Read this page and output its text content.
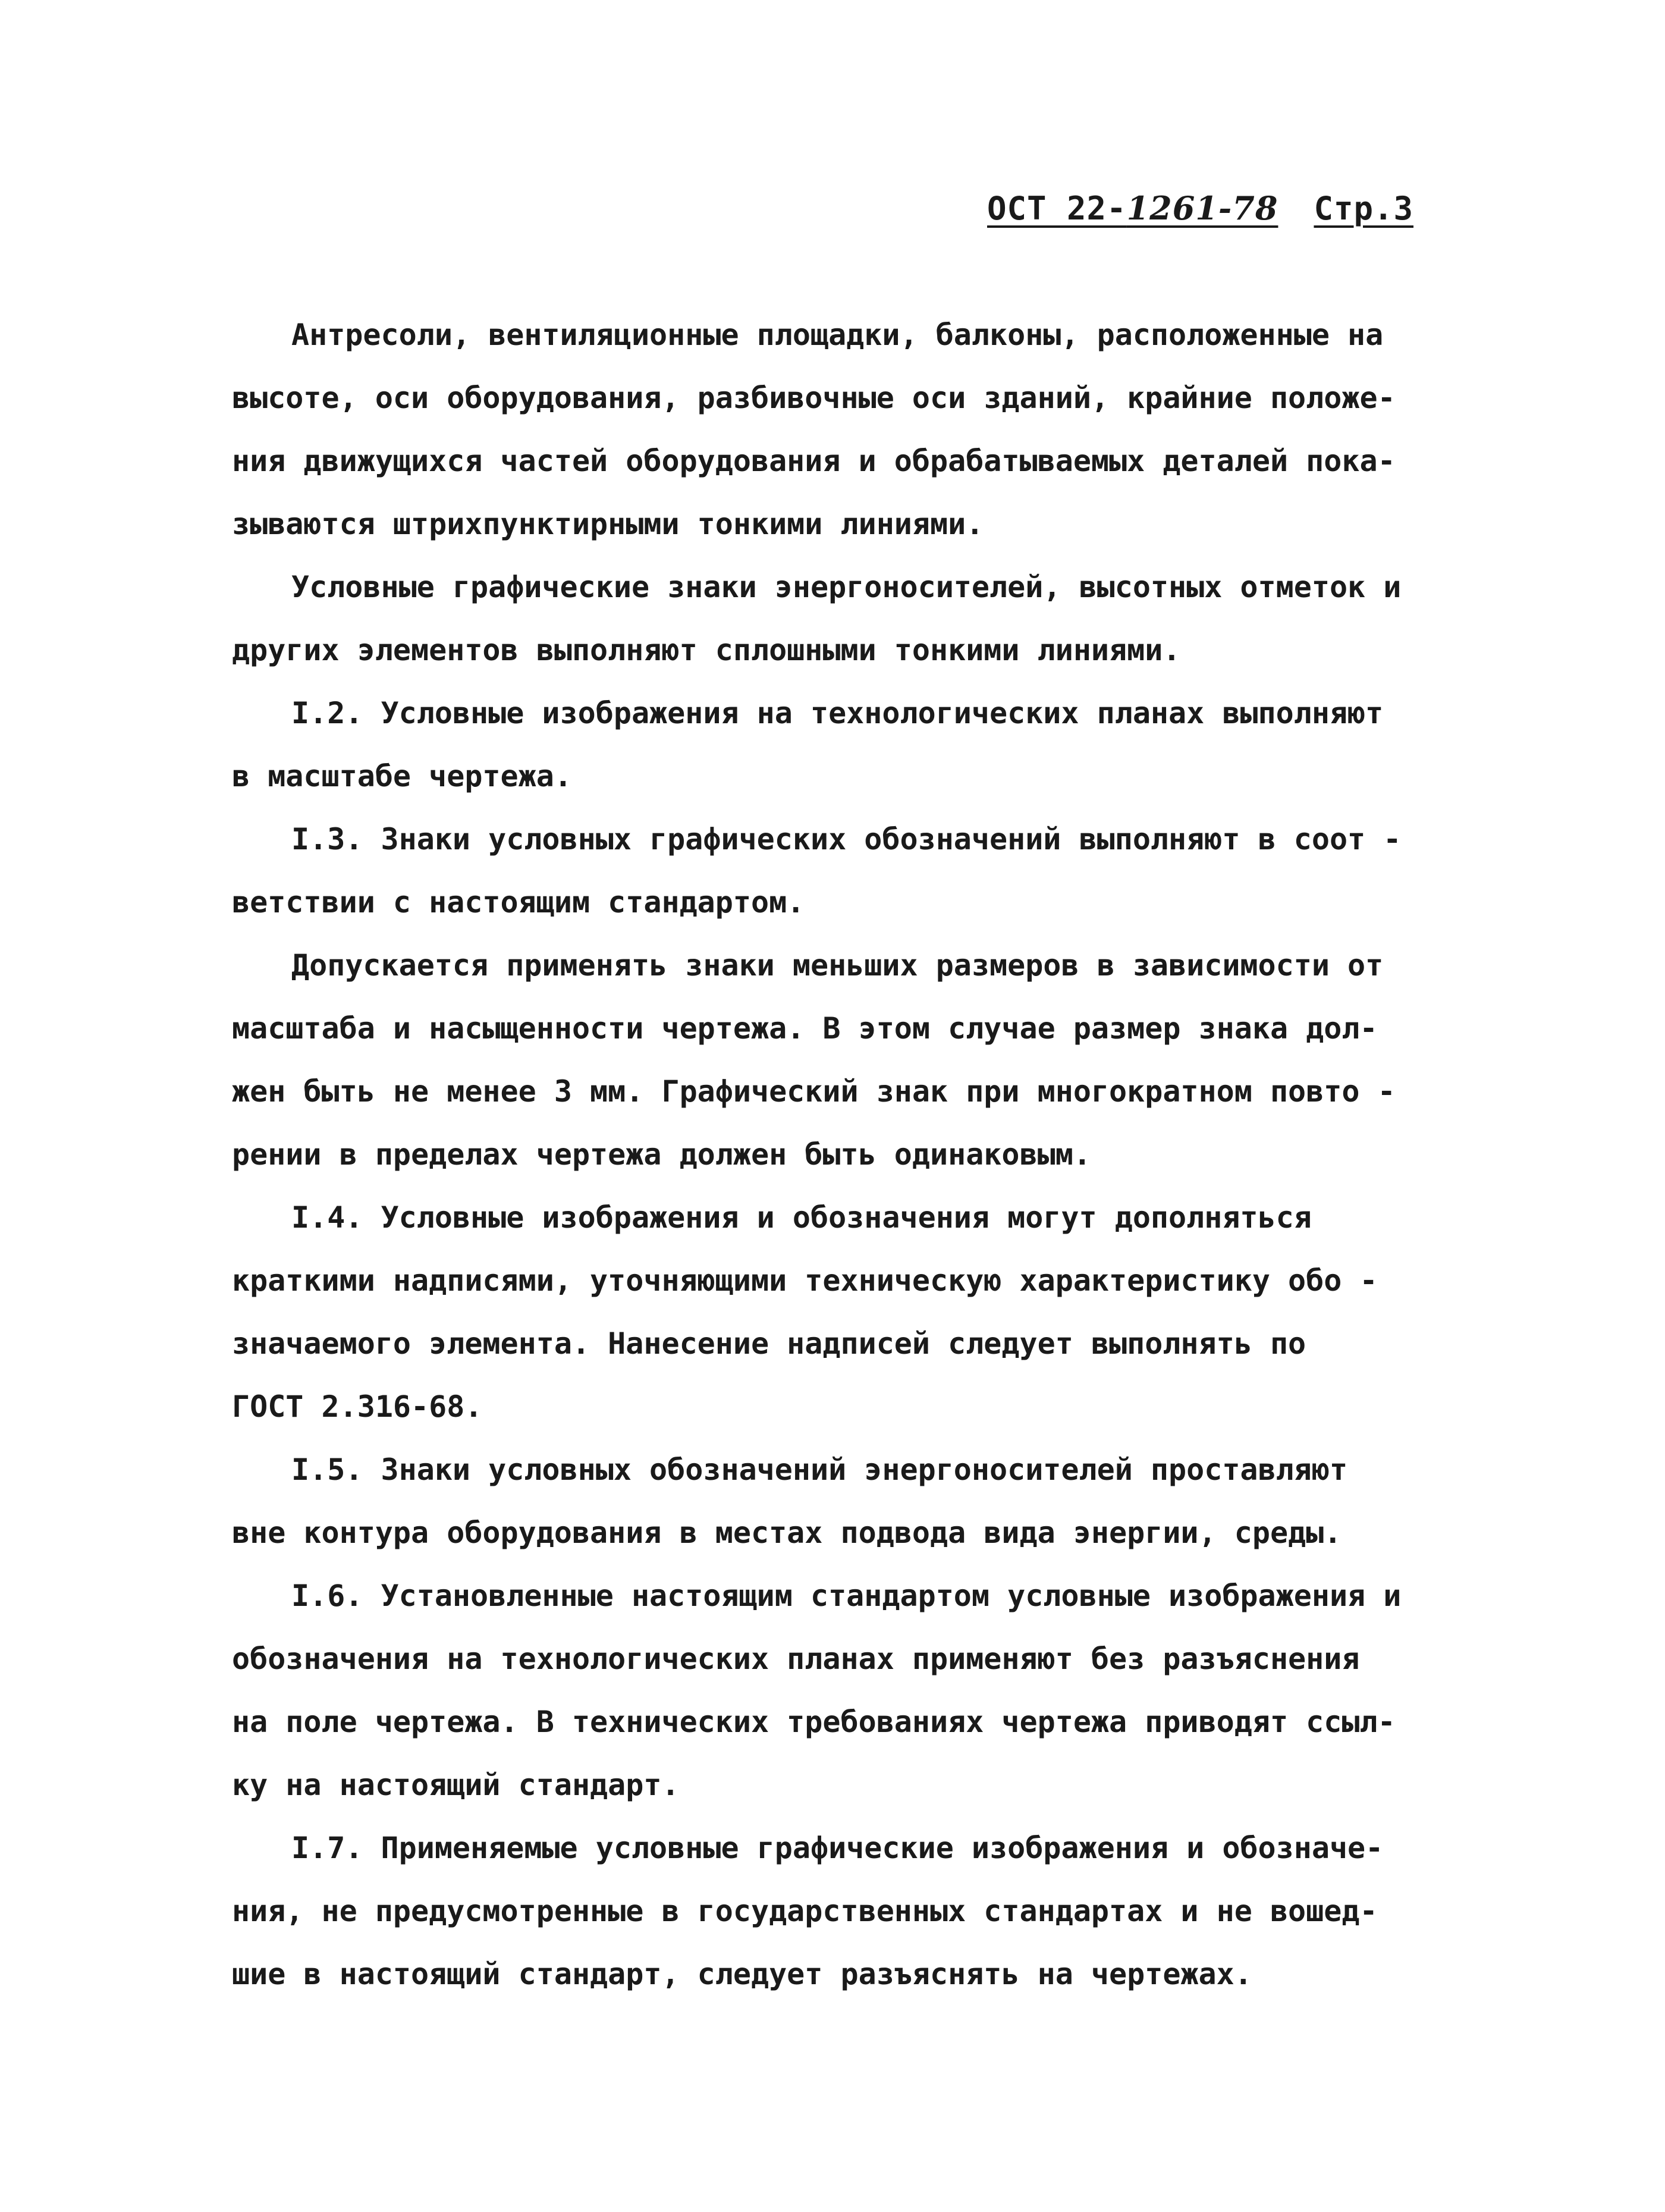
ОСТ 22-1261-78 Стр.3
Антресоли, вентиляционные площадки, балконы, расположенные на
высоте, оси оборудования, разбивочные оси зданий, крайние положе-
ния движущихся частей оборудования и обрабатываемых деталей пока-
зываются штрихпунктирными тонкими линиями.
Условные графические знаки энергоносителей, высотных отметок и
других элементов выполняют сплошными тонкими линиями.
I.2. Условные изображения на технологических планах выполняют
в масштабе чертежа.
I.3. Знаки условных графических обозначений выполняют в соот -
ветствии с настоящим стандартом.
Допускается применять знаки меньших размеров в зависимости от
масштаба и насыщенности чертежа. В этом случае размер знака дол-
жен быть не менее 3 мм. Графический знак при многократном повто -
рении в пределах чертежа должен быть одинаковым.
I.4. Условные изображения и обозначения могут дополняться
краткими надписями, уточняющими техническую характеристику обо -
значаемого элемента. Нанесение надписей следует выполнять по
ГОСТ 2.316-68.
I.5. Знаки условных обозначений энергоносителей проставляют
вне контура оборудования в местах подвода вида энергии, среды.
I.6. Установленные настоящим стандартом условные изображения и
обозначения на технологических планах применяют без разъяснения
на поле чертежа. В технических требованиях чертежа приводят ссыл-
ку на настоящий стандарт.
I.7. Применяемые условные графические изображения и обозначе-
ния, не предусмотренные в государственных стандартах и не вошед-
шие в настоящий стандарт, следует разъяснять на чертежах.
